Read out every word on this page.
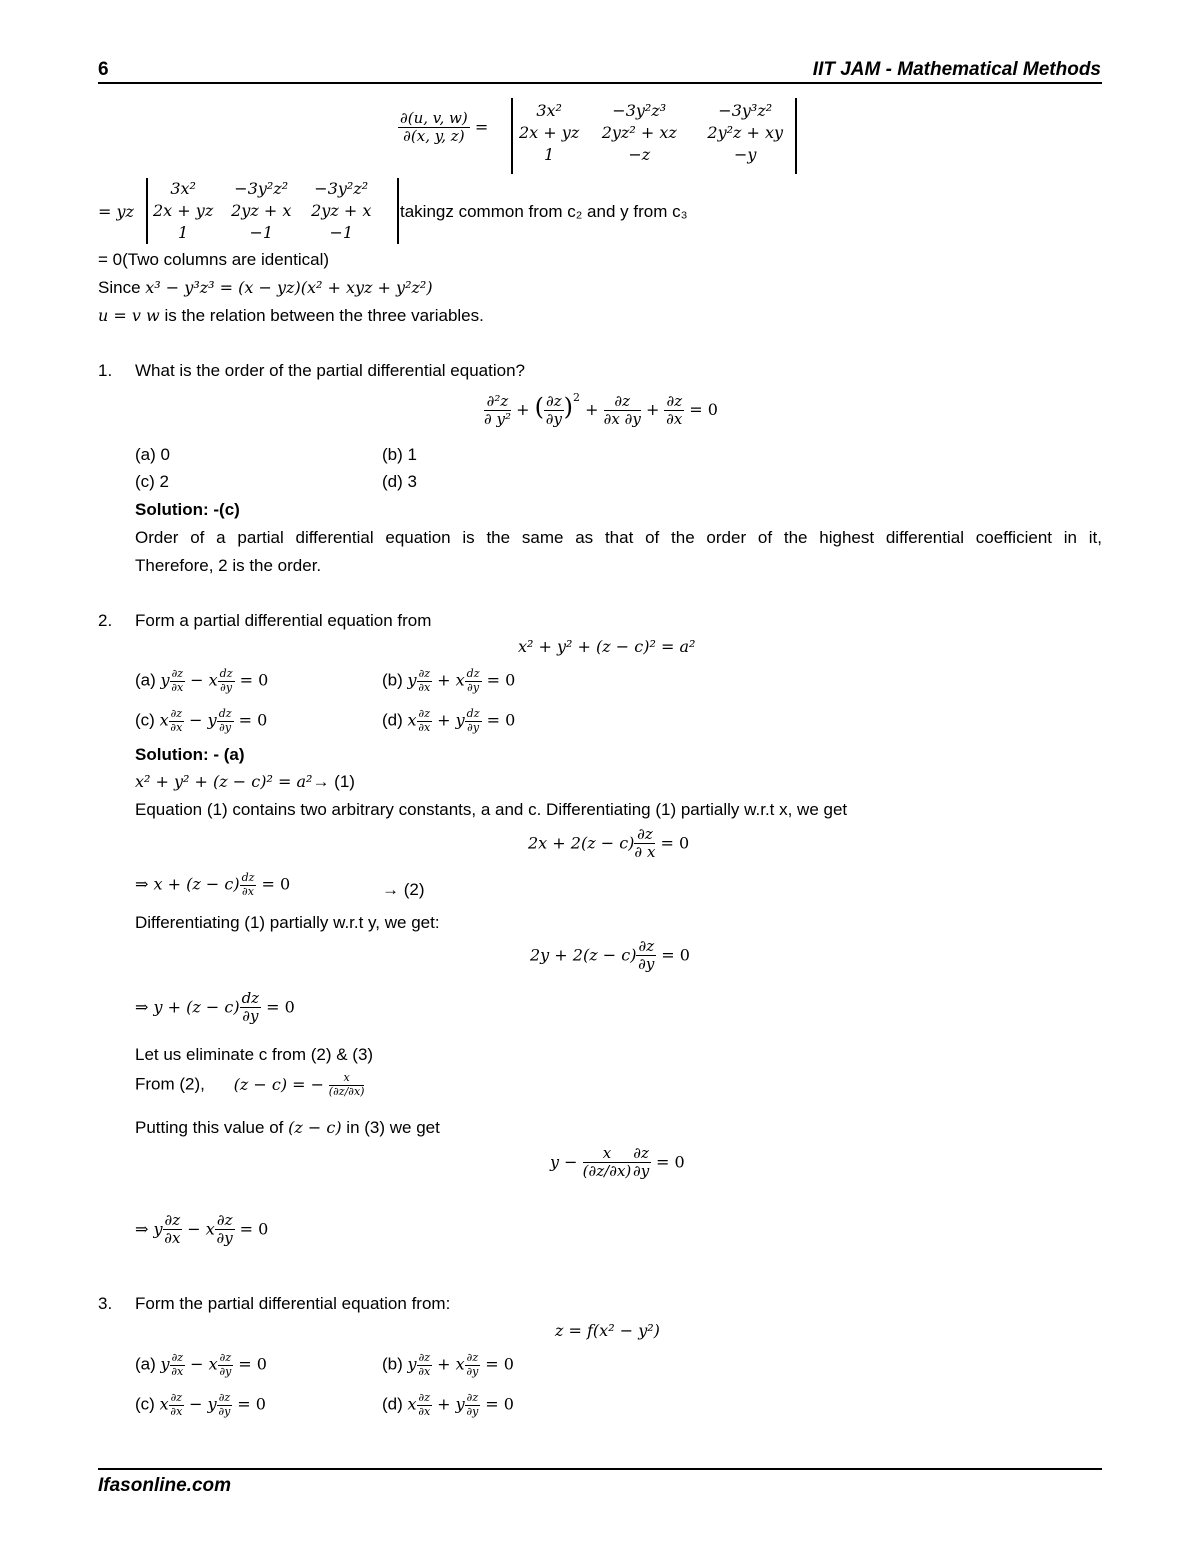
6	IIT JAM - Mathematical Methods
$\frac{\partial(u, v, w)}{\partial(x, y, z)}$ =
3x²	−3y²z³	−3y³z²
2x + yz	2yz² + xz	2y²z + xy
1	−z	−y
= yz
3x²	−3y²z²	−3y²z²
2x + yz	2yz + x	2yz + x
1	−1	−1
takingz common from c₂ and y from c₃
= 0(Two columns are identical)
Since x³ − y³z³ = (x − yz)(x² + xyz + y²z²)
u = v w is the relation between the three variables.
1. What is the order of the partial differential equation?
$\frac{\text{∂²z}}{\text{∂ y²}}$ + ( $\frac{\partial z}{\partial y} )^2 + \frac{\partial z}{\partial x \partial y} + \frac{\partial z}{\partial x} = 0$
(a) 0	(b) 1
(c) 2	(d) 3
Solution: -(c)
Order of a partial differential equation is the same as that of the order of the highest differential coefficient in it,
Therefore, 2 is the order.
2. Form a partial differential equation from
x² + y² + (z − c)² = a²
(a) y $\frac{\partial z}{\partial x} - x \frac{dz}{\partial y} = 0$	(b) y $\frac{\partial z}{\partial x} + x \frac{dz}{\partial y} = 0$
(c) x $\frac{\partial z}{\partial x} - y \frac{dz}{\partial y} = 0$	(d) x $\frac{\partial z}{\partial x} + y \frac{dz}{\partial y} = 0$
Solution: - (a)
x² + y² + (z − c)² = a²→ (1)
Equation (1) contains two arbitrary constants, a and c. Differentiating (1) partially w.r.t x, we get
$2x + 2(z - c) \frac{\partial z}{\partial x} = 0$
⇒ $x + (z - c) \frac{dz}{\partial x} = 0$	→ (2)
Differentiating (1) partially w.r.t y, we get:
$2y + 2(z - c) \frac{\partial z}{\partial y} = 0$
⇒ $y + (z - c) \frac{dz}{\partial y} = 0$
Let us eliminate c from (2) & (3)
From (2), (z − c) = − $\frac{x}{(\partial z/\partial x)}$
Putting this value of (z − c) in (3) we get
$y - \frac{x}{(\partial z/\partial x)} \frac{\partial z}{\partial y} = 0$
⇒ y $\frac{\partial z}{\partial x} - x \frac{\partial z}{\partial y} = 0$
3. Form the partial differential equation from:
z = f(x² − y²)
(a) y $\frac{\partial z}{\partial x} - x \frac{\partial z}{\partial y} = 0$	(b) y $\frac{\partial z}{\partial x} + x \frac{\partial z}{\partial y} = 0$
(c) x $\frac{\partial z}{\partial x} - y \frac{\partial z}{\partial y} = 0$	(d) x $\frac{\partial z}{\partial x} + y \frac{\partial z}{\partial y} = 0$
Ifasonline.com
